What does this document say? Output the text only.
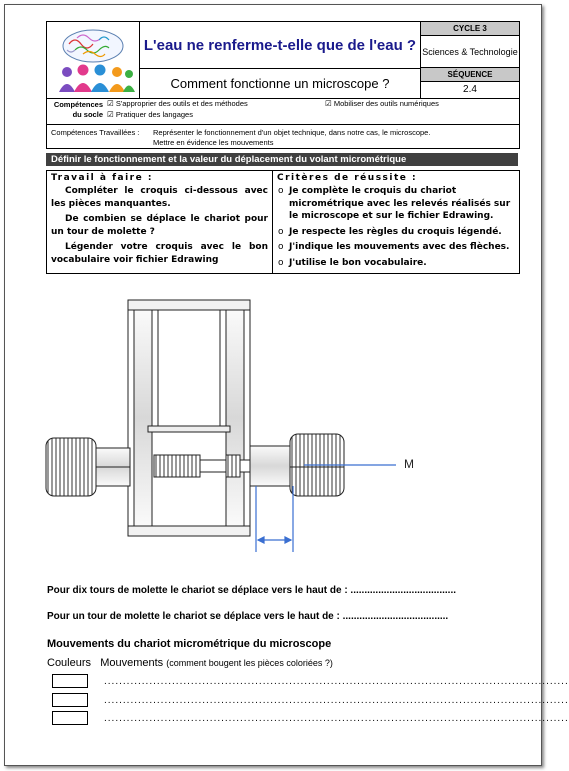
L'eau ne renferme-t-elle que de l'eau ?
Comment fonctionne un microscope ?
CYCLE 3
Sciences & Technologie
SÉQUENCE
2.4
Compétences du socle
☑ S'approprier des outils et des méthodes
☑ Pratiquer des langages
☑ Mobiliser des outils numériques
Compétences Travaillées : Représenter le fonctionnement d'un objet technique, dans notre cas, le microscope.
Mettre en évidence les mouvements
Définir le fonctionnement et la valeur du déplacement du volant micrométrique
Travail à faire :

Compléter le croquis ci-dessous avec les pièces manquantes.

De combien se déplace le chariot pour un tour de molette ?

Légender votre croquis avec le bon vocabulaire voir fichier Edrawing

Critères de réussite :
o Je complète le croquis du chariot micrométrique avec les relevés réalisés sur le microscope et sur le fichier Edrawing.
o Je respecte les règles du croquis légendé.
o J'indique les mouvements avec des flèches.
o J'utilise le bon vocabulaire.
M
Pour dix tours de molette le chariot se déplace vers le haut de : ......................................
Pour un tour de molette le chariot se déplace vers le haut de : ......................................
Mouvements du chariot micrométrique du microscope
Couleurs Mouvements (comment bougent les pièces coloriées ?)
...........................................................................................................................
...........................................................................................................................
...........................................................................................................................
